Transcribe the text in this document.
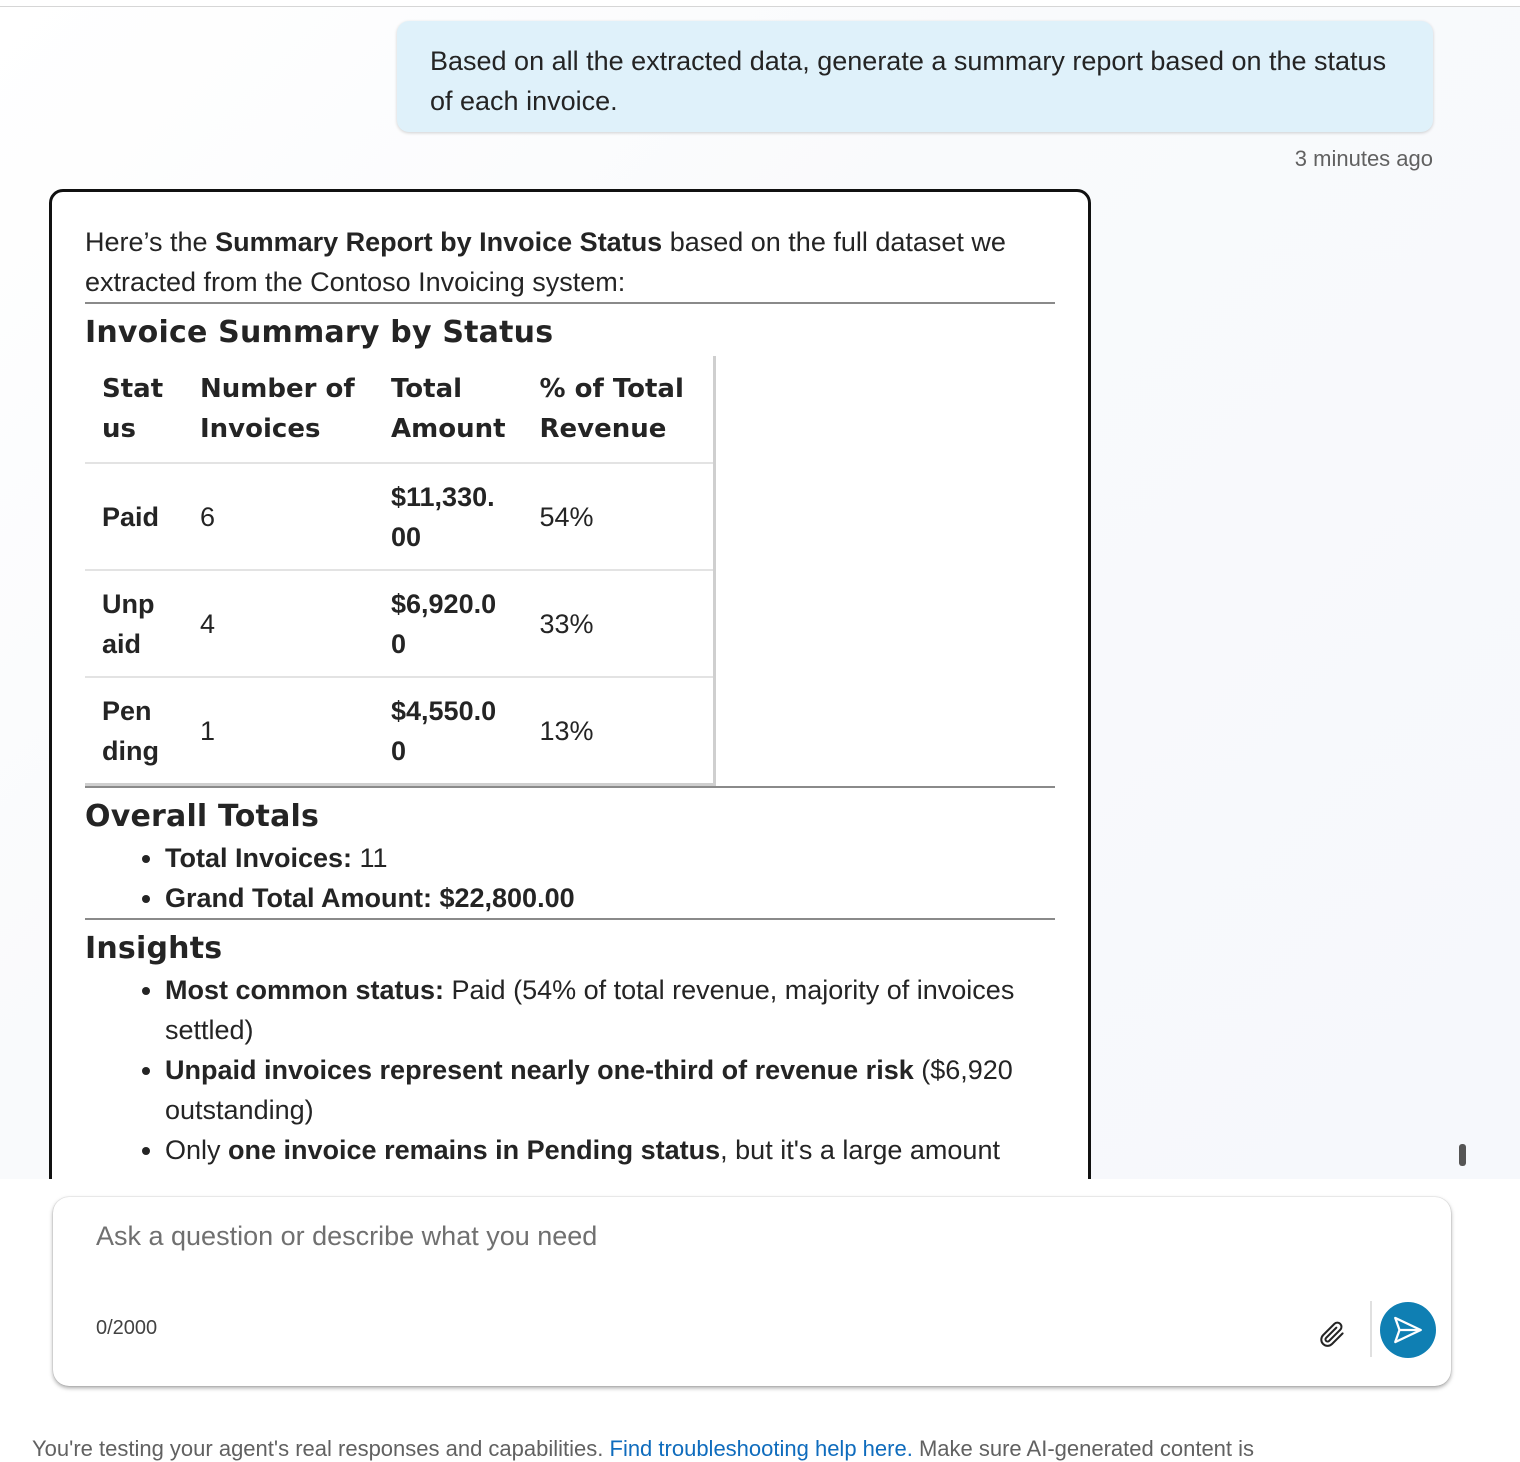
Based on all the extracted data, generate a summary report based on the status of each invoice.
3 minutes ago
Here’s the Summary Report by Invoice Status based on the full dataset we extracted from the Contoso Invoicing system:
Invoice Summary by Status
Status	Number of Invoices	Total Amount	% of Total Revenue
Paid	6	$11,330.00	54%
Unpaid	4	$6,920.00	33%
Pending	1	$4,550.00	13%
Overall Totals
• Total Invoices: 11
• Grand Total Amount: $22,800.00
Insights
• Most common status: Paid (54% of total revenue, majority of invoices settled)
• Unpaid invoices represent nearly one-third of revenue risk ($6,920 outstanding)
• Only one invoice remains in Pending status, but it's a large amount
Ask a question or describe what you need
0/2000
You're testing your agent's real responses and capabilities. Find troubleshooting help here. Make sure AI-generated content is
